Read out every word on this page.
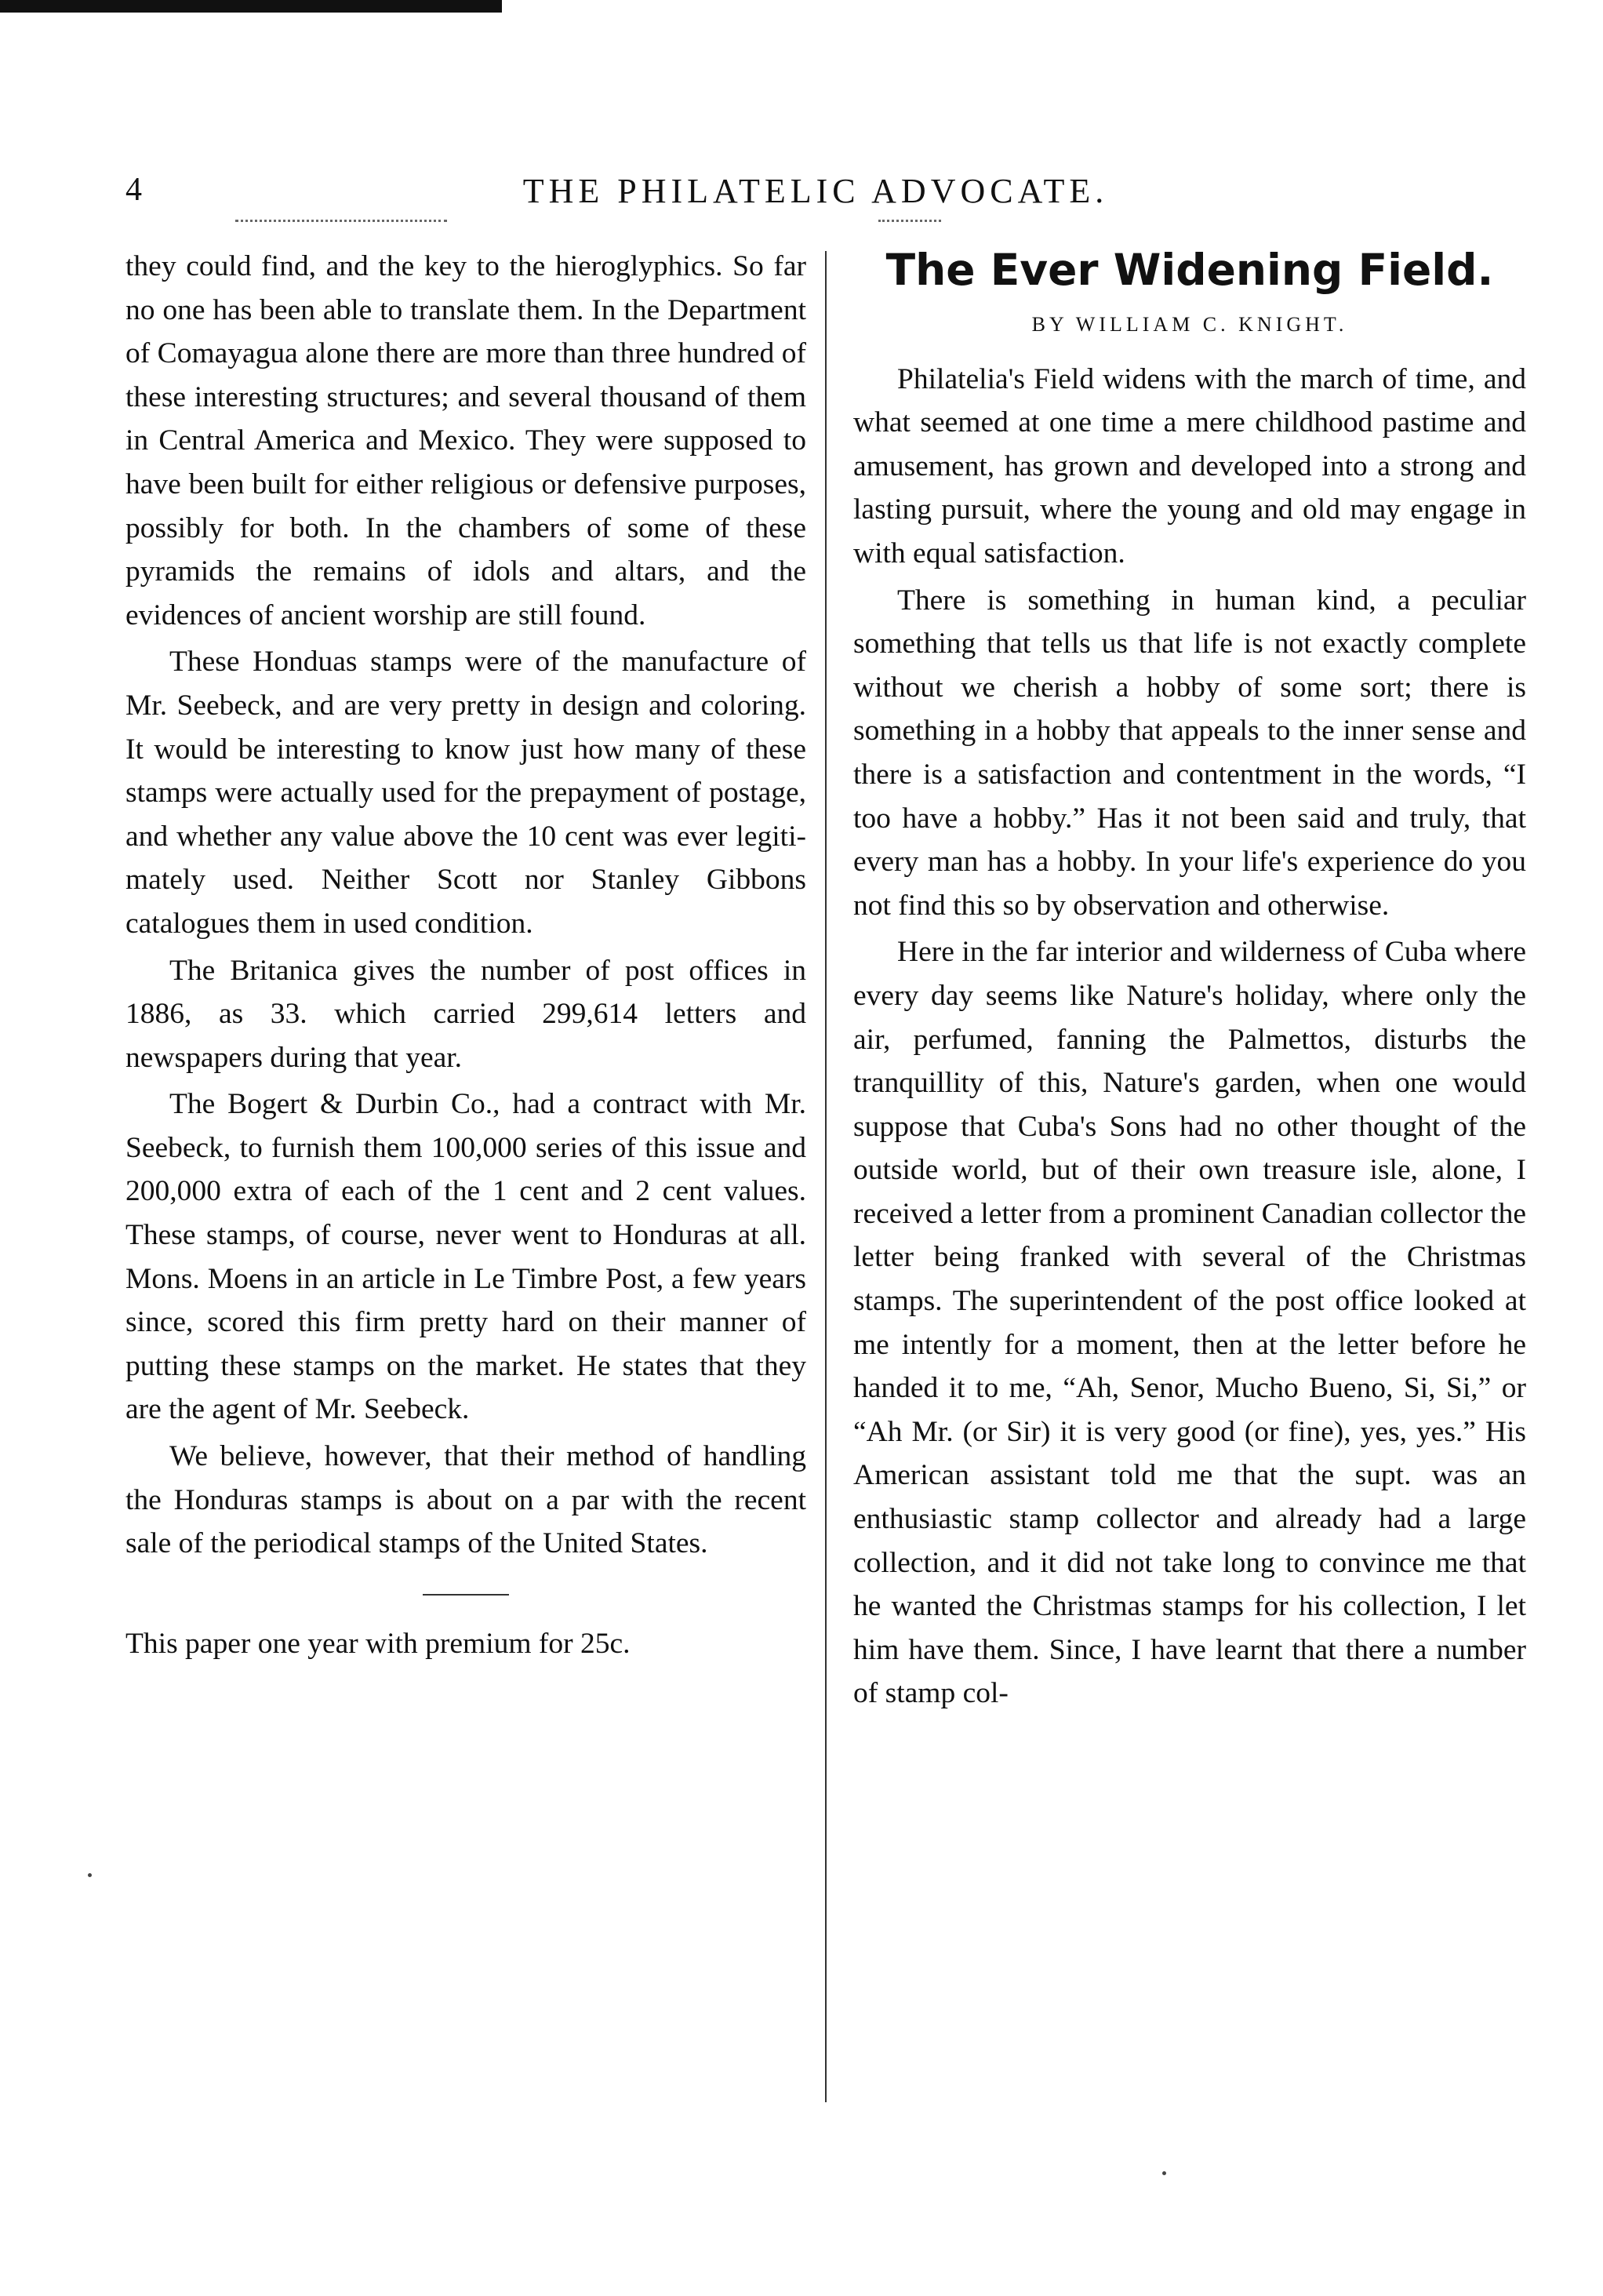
4	THE PHILATELIC ADVOCATE.

they could find, and the key to the hieroglyphics. So far no one has been able to translate them. In the Department of Comayagua alone there are more than three hundred of these interesting structures; and several thousand of them in Central America and Mexico. They were supposed to have been built for either religious or defensive purposes, possibly for both. In the chambers of some of these pyramids the remains of idols and altars, and the evidences of ancient worship are still found.

These Honduas stamps were of the manufacture of Mr. Seebeck, and are very pretty in design and coloring. It would be interesting to know just how many of these stamps were actually used for the prepayment of postage, and whether any value above the 10 cent was ever legitimately used. Neither Scott nor Stanley Gibbons catalogues them in used condition.

The Britanica gives the number of post offices in 1886, as 33. which carried 299,614 letters and newspapers during that year.

The Bogert & Durbin Co., had a contract with Mr. Seebeck, to furnish them 100,000 series of this issue and 200,000 extra of each of the 1 cent and 2 cent values. These stamps, of course, never went to Honduras at all. Mons. Moens in an article in Le Timbre Post, a few years since, scored this firm pretty hard on their manner of putting these stamps on the market. He states that they are the agent of Mr. Seebeck.

We believe, however, that their method of handling the Honduras stamps is about on a par with the recent sale of the periodical stamps of the United States.

This paper one year with premium for 25c.

The Ever Widening Field.
BY WILLIAM C. KNIGHT.

Philatelia's Field widens with the march of time, and what seemed at one time a mere childhood pastime and amusement, has grown and developed into a strong and lasting pursuit, where the young and old may engage in with equal satisfaction.

There is something in human kind, a peculiar something that tells us that life is not exactly complete without we cherish a hobby of some sort; there is something in a hobby that appeals to the inner sense and there is a satisfaction and contentment in the words, “I too have a hobby.” Has it not been said and truly, that every man has a hobby. In your life's experience do you not find this so by observation and otherwise.

Here in the far interior and wilderness of Cuba where every day seems like Nature's holiday, where only the air, perfumed, fanning the Palmettos, disturbs the tranquillity of this, Nature's garden, when one would suppose that Cuba's Sons had no other thought of the outside world, but of their own treasure isle, alone, I received a letter from a prominent Canadian collector the letter being franked with several of the Christmas stamps. The superintendent of the post office looked at me intently for a moment, then at the letter before he handed it to me, “Ah, Senor, Mucho Bueno, Si, Si,” or “Ah Mr. (or Sir) it is very good (or fine), yes, yes.” His American assistant told me that the supt. was an enthusiastic stamp collector and already had a large collection, and it did not take long to convince me that he wanted the Christmas stamps for his collection, I let him have them. Since, I have learnt that there a number of stamp col-
